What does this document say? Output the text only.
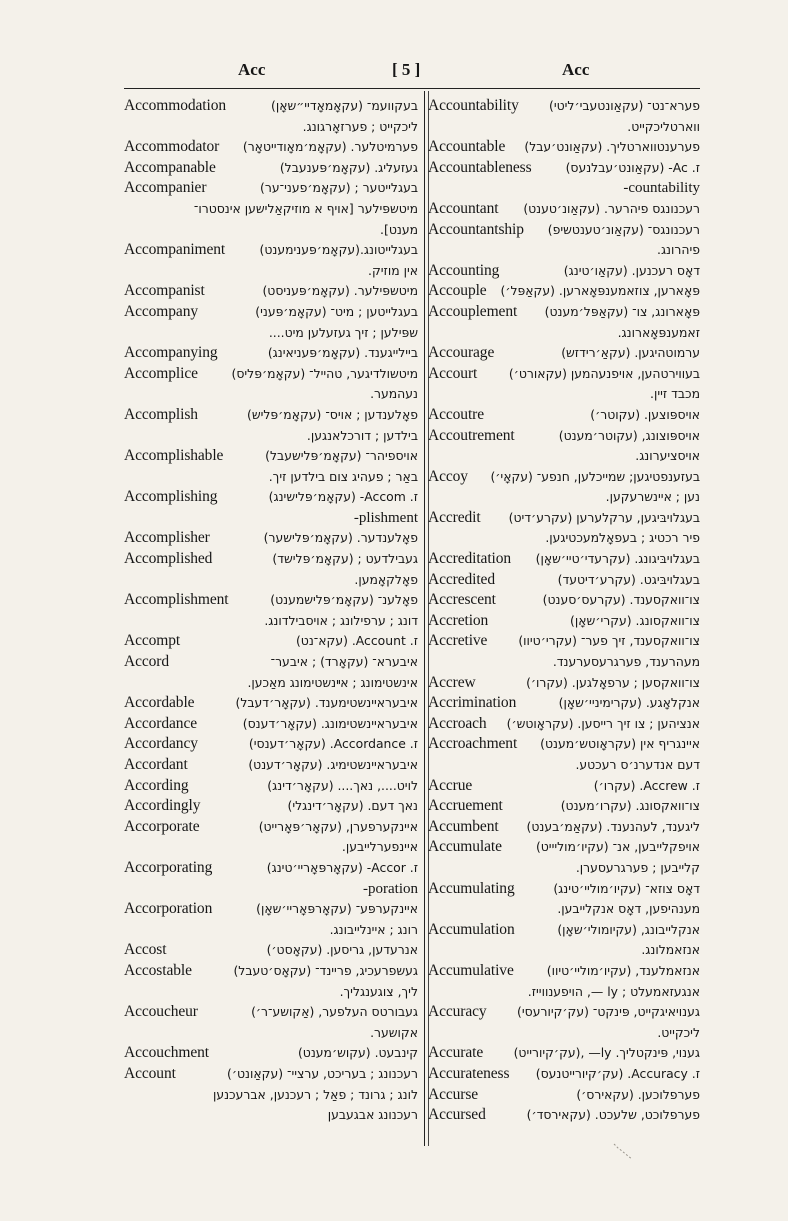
Acc	[ 5 ]	Acc
Accommodation	בעקוועמ־ (עקאָמאָדיי״שאָן)
ליכקייט ; פערזאָרגונג.
Accommodator פערמיטלער. (עקאָמ׳מאָודייטאָר)
Accompanable	געזעליג. (עקאָמ׳פּענעבל)
Accompanier	בעגלייטער ; (עקאָמ׳פעני־ער)
מיטשפּילער [אויף א מוזיקאַלישען אינסטרו־
מענט].
Accompaniment	בעגלייטונג.(עקאָמ׳פּענימענט)
אין מוזיק.
Accompanist	מיטשפּילער. (עקאָמ׳פּעניסט)
Accompany	בעגלייטען ; מיט־ (עקאָמ׳פּעני)
שפּילען ; זיך געזעלען מיט....
Accompanying	ביילייגענד. (עקאָמ׳פּעניאינג)
Accomplice	מיטשולדיגער, טהייל־ (עקאָמ׳פּליס)
נעהמער.
Accomplish	פאָלענדען ; אויס־ (עקאָמ׳פּליש)
בילדען ; דורכלאנגען.
Accomplishable	אויספיהר־ (עקאָמ׳פּלישעבל)
באַר ; פעהיג צום בילדען זיך.
Accomplishing	ז. Accom- (עקאָמ׳פּלישינג)
-plishment
Accomplisher	פאָלענדער. (עקאָמ׳פּלישער)
Accomplished	געבילדעט ; (עקאָמ׳פּלישד)
פאָלקאָמען.
Accomplishment	פאָלענ־ (עקאָמ׳פּלישמענט)
דונג ; ערפילונג ; אויסבילדונג.
Accompt	ז. Account. (עקא־נט)
Accord	איבערא־ (עקאָרד) ; איבער־
אינשטימונג ; אײנשטימונג מאַכען.
Accordable	איבעראיינשטימענד. (עקאָר׳דעבל)
Accordance	איבעראיינשטימונג. (עקאָר׳דענס)
Accordancy	ז. Accordance. (עקאָר׳דענסי)
Accordant	איבעראיינשטימיג. (עקאָר׳דענט)
According	לויט...., נאך.... (עקאָר׳דינג)
Accordingly	נאך דעם. (עקאָר׳דינגלי)
Accorporate	איינקערפערן, (עקאָר׳פּאָרייט)
איינפערלייבען.
Accorporating	ז. Accor- (עקאָרפּאָריי׳טינג)
-poration
Accorporation	איינקערפּע־ (עקאָרפּאָריי׳שאָן)
רונג ; איינלייבונג.
Accost	אנרעדען, גריסען. (עקאָסט׳)
Accostable	געשפרעכיג, פריינד־ (עקאָס׳טעבל)
ליך, צוגענגליך.
Accoucheur	געבורטס העלפער, (אַקושע־ר׳)
אקושער.
Accouchment	קינבעט. (עקוש׳מענט)
Account	רעכנונג ; בעריכט, ערציי־ (עקאַונט׳)
לונג ; גרונד ; פאַל ; רעכנען, אברעכנען
רעכנונג אבגעבען
Accountability פערא־נט־ (עקאַונטעבי׳ליטי)
ווארטליכקייט.
Accountable פערענטווארטליך. (עקאַונט׳עבל)
Accountableness	ז. Ac- (עקאַונט׳עבלנעס)
-countability
Accountant רעכנונגס פיהרער. (עקאַונ׳טענט)
Accountantship רעכנונגס־ (עקאַונ׳טענטשיפ)
פיהרונג.
Accounting	דאָס רעכנען. (עקאַו׳טינג)
Accouple פּאָארען, צוזאמענפּאָארען. (עקאַפּל׳)
Accouplement פּאָארונג, צו־ (עקאַפּל׳מענט)
זאמענפּאָארונג.
Accourage	ערמוטהיגען. (עקאַ׳רידזש)
Accourt	בעווירטהען, אויפנעהמען (עקאורט׳)
מכבד זיין.
Accoutre	אויספּוצען. (עקוטר׳)
Accoutrement	אויספּוצונג, (עקוטר׳מענט)
אויסציערונג.
Accoy בעזענפטיגען; שמייכלען, חנפע־ (עקאָי׳)
נען ; איינשרעקען.
Accredit בעגלויבּיגען, ערקלערען (עקרע׳דיט)
פיר רכטיג ; בעפאָלמעכטיגען.
Accreditation בעגלויבּיגונג. (עקרעדי׳טיי׳שאָן)
Accredited	בעגלויבּיגט. (עקרע׳דיטעד)
Accrescent	צו־וואקסענד. (עקרעס׳סענט)
Accretion	צו־וואקסונג. (עקרי׳שאָן)
Accretive צו־וואקסענד, זיך פער־ (עקרי׳טיוו)
מעהרענד, פערגרעסערענד.
Accrew	צו־וואקסען ; ערפאָלגען. (עקרו׳)
Accrimination	אנקלאָגע. (עקרימיניי׳שאָן)
Accroach אנציהען ; צו זיך רייסען. (עקראָוטש׳)
Accroachment איינגריף אין (עקראָוטש׳מענט)
דעם אנדערנ׳ס רעכטע.
Accrue	ז. Accrew. (עקרו׳)
Accruement	צו־וואקסונג. (עקרו׳מענט)
Accumbent ליגענד, לעהנענד. (עקאַמ׳בענט)
Accumulate	אויפקלייבען, אנ־ (עקיו׳מוליייט)
קלייבען ; פערגרעסערן.
Accumulating	דאָס צוזא־ (עקיו׳מוליי׳טינג)
מענהיפען, דאָס אנקלייבען.
Accumulation	אנקלייבונג, (עקיומולי׳שאָן)
אנזאמלונג.
Accumulative	אנזאמלענד, (עקיו׳מוליי׳טיוו)
אנגעזאמעלט ; ly —, הויפענווייז.
Accuracy גענויאיגקייט, פּינקט־ (עק׳קיורעסי)
ליכקייט.
Accurate גענוי, פּינקטליך. ly— ,(עק׳קיורייט)
Accurateness ז. Accuracy. (עק׳קיורייטנעס)
Accurse	פערפלוכען. (עקאירס׳)
Accursed	פערפלוכט, שלעכט. (עקאירסד׳)
